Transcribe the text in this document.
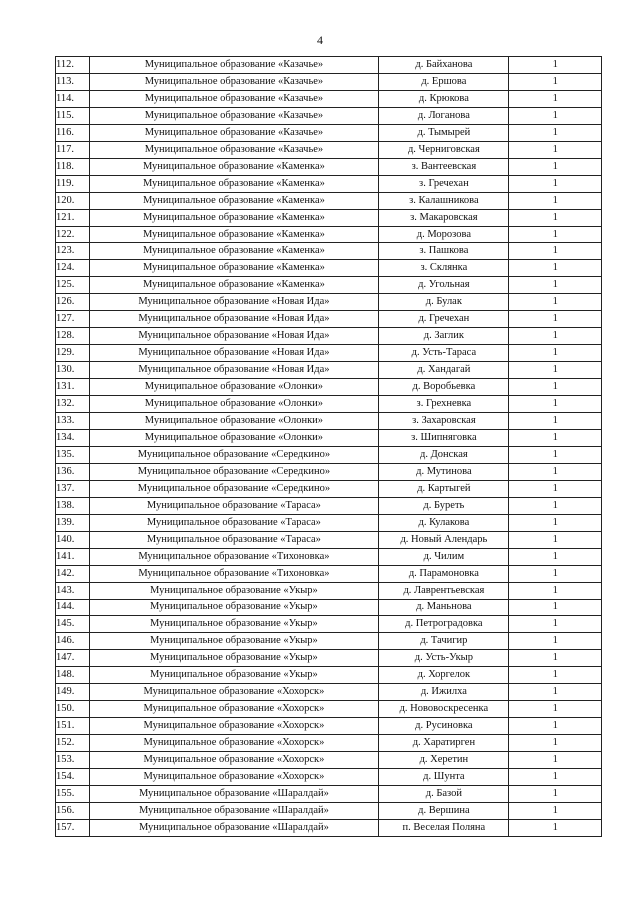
4
112.	Муниципальное образование «Казачье»	д. Байханова	1
113.	Муниципальное образование «Казачье»	д. Ершова	1
114.	Муниципальное образование «Казачье»	д. Крюкова	1
115.	Муниципальное образование «Казачье»	д. Логанова	1
116.	Муниципальное образование «Казачье»	д. Тымырей	1
117.	Муниципальное образование «Казачье»	д. Черниговская	1
118.	Муниципальное образование «Каменка»	з. Вантеевская	1
119.	Муниципальное образование «Каменка»	з. Гречехан	1
120.	Муниципальное образование «Каменка»	з. Калашникова	1
121.	Муниципальное образование «Каменка»	з. Макаровская	1
122.	Муниципальное образование «Каменка»	д. Морозова	1
123.	Муниципальное образование «Каменка»	з. Пашкова	1
124.	Муниципальное образование «Каменка»	з. Склянка	1
125.	Муниципальное образование «Каменка»	д. Угольная	1
126.	Муниципальное образование «Новая Ида»	д. Булак	1
127.	Муниципальное образование «Новая Ида»	д. Гречехан	1
128.	Муниципальное образование «Новая Ида»	д. Заглик	1
129.	Муниципальное образование «Новая Ида»	д. Усть-Тараса	1
130.	Муниципальное образование «Новая Ида»	д. Хандагай	1
131.	Муниципальное образование «Олонки»	д. Воробьевка	1
132.	Муниципальное образование «Олонки»	з. Грехневка	1
133.	Муниципальное образование «Олонки»	з. Захаровская	1
134.	Муниципальное образование «Олонки»	з. Шипняговка	1
135.	Муниципальное образование «Середкино»	д. Донская	1
136.	Муниципальное образование «Середкино»	д. Мутинова	1
137.	Муниципальное образование «Середкино»	д. Картыгей	1
138.	Муниципальное образование «Тараса»	д. Буреть	1
139.	Муниципальное образование «Тараса»	д. Кулакова	1
140.	Муниципальное образование «Тараса»	д. Новый Алендарь	1
141.	Муниципальное образование «Тихоновка»	д. Чилим	1
142.	Муниципальное образование «Тихоновка»	д. Парамоновка	1
143.	Муниципальное образование «Укыр»	д. Лаврентьевская	1
144.	Муниципальное образование «Укыр»	д. Маньнова	1
145.	Муниципальное образование «Укыр»	д. Петроградовка	1
146.	Муниципальное образование «Укыр»	д. Тачигир	1
147.	Муниципальное образование «Укыр»	д. Усть-Укыр	1
148.	Муниципальное образование «Укыр»	д. Хоргелок	1
149.	Муниципальное образование «Хохорск»	д. Ижилха	1
150.	Муниципальное образование «Хохорск»	д. Нововоскресенка	1
151.	Муниципальное образование «Хохорск»	д. Русиновка	1
152.	Муниципальное образование «Хохорск»	д. Харатирген	1
153.	Муниципальное образование «Хохорск»	д. Херетин	1
154.	Муниципальное образование «Хохорск»	д. Шунта	1
155.	Муниципальное образование «Шаралдай»	д. Базой	1
156.	Муниципальное образование «Шаралдай»	д. Вершина	1
157.	Муниципальное образование «Шаралдай»	п. Веселая Поляна	1
